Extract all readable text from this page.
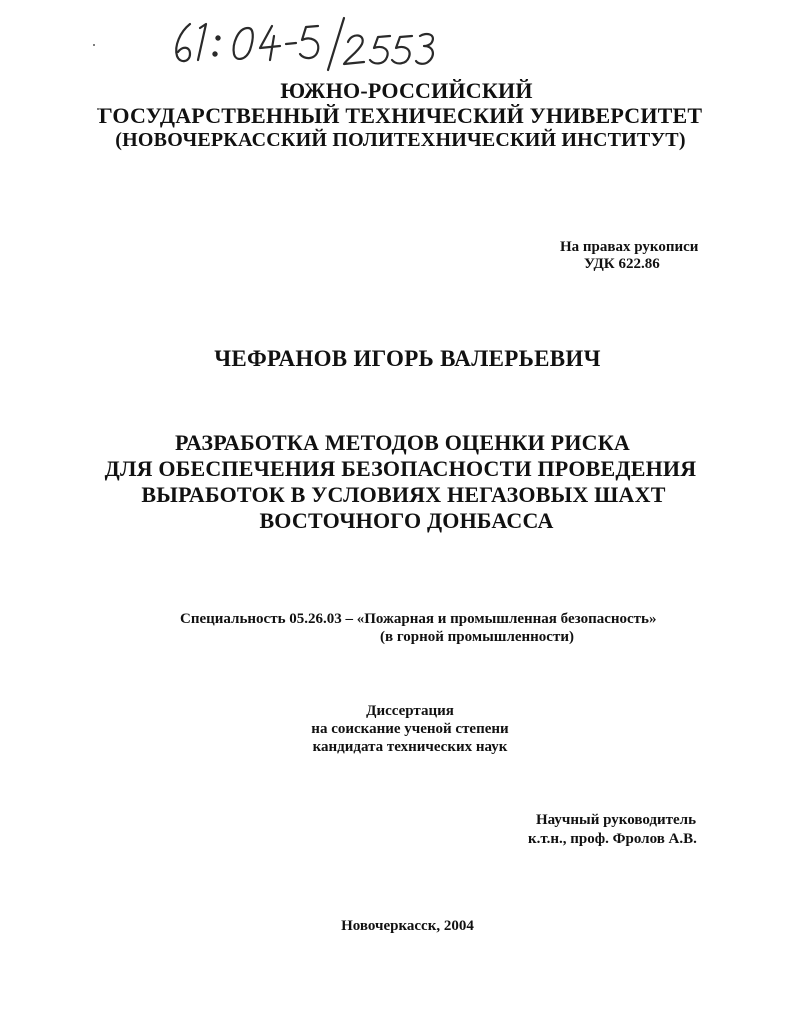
ЮЖНО-РОССИЙСКИЙ
ГОСУДАРСТВЕННЫЙ ТЕХНИЧЕСКИЙ УНИВЕРСИТЕТ
(НОВОЧЕРКАССКИЙ ПОЛИТЕХНИЧЕСКИЙ ИНСТИТУТ)
На правах рукописи
УДК 622.86
ЧЕФРАНОВ ИГОРЬ ВАЛЕРЬЕВИЧ
РАЗРАБОТКА МЕТОДОВ ОЦЕНКИ РИСКА
ДЛЯ ОБЕСПЕЧЕНИЯ БЕЗОПАСНОСТИ ПРОВЕДЕНИЯ
ВЫРАБОТОК В УСЛОВИЯХ НЕГАЗОВЫХ ШАХТ
ВОСТОЧНОГО ДОНБАССА
Специальность 05.26.03 – «Пожарная и промышленная безопасность»
(в горной промышленности)
Диссертация
на соискание ученой степени
кандидата технических наук
Научный руководитель
к.т.н., проф. Фролов А.В.
Новочеркасск, 2004
